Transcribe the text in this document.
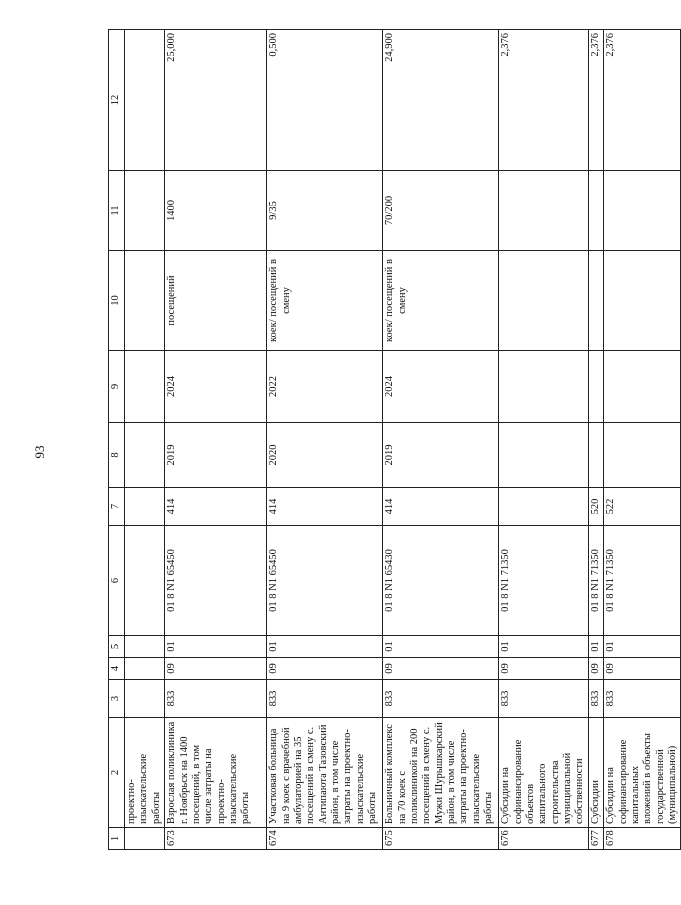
93
1	2	3	4	5	6	7	8	9	10	11	12
	проектно-изыскательские работы										
673	Взрослая поликлиника г. Ноябрьск на 1400 посещений, в том числе затраты на проектно-изыскательские работы	833	09	01	01 8 N1 65450	414	2019	2024	посещений	1400	25,000
674	Участковая больница на 9 коек с врачебной амбулаторией на 35 посещений в смену с. Антипаюта Тазовский район, в том числе затраты на проектно-изыскательские работы	833	09	01	01 8 N1 65450	414	2020	2022	коек/ посещений в смену	9/35	0,500
675	Больничный комплекс на 70 коек с поликлиникой на 200 посещений в смену с. Мужи Шурышкарский район, в том числе затраты на проектно-изыскательские работы	833	09	01	01 8 N1 65430	414	2019	2024	коек/ посещений в смену	70/200	24,900
676	Субсидии на софинансирование объектов капитального строительства муниципальной собственности	833	09	01	01 8 N1 71350						2,376
677	Субсидии	833	09	01	01 8 N1 71350	520					2,376
678	Субсидии на софинансирование капитальных вложений в объекты государственной (муниципальной)	833	09	01	01 8 N1 71350	522					2,376
